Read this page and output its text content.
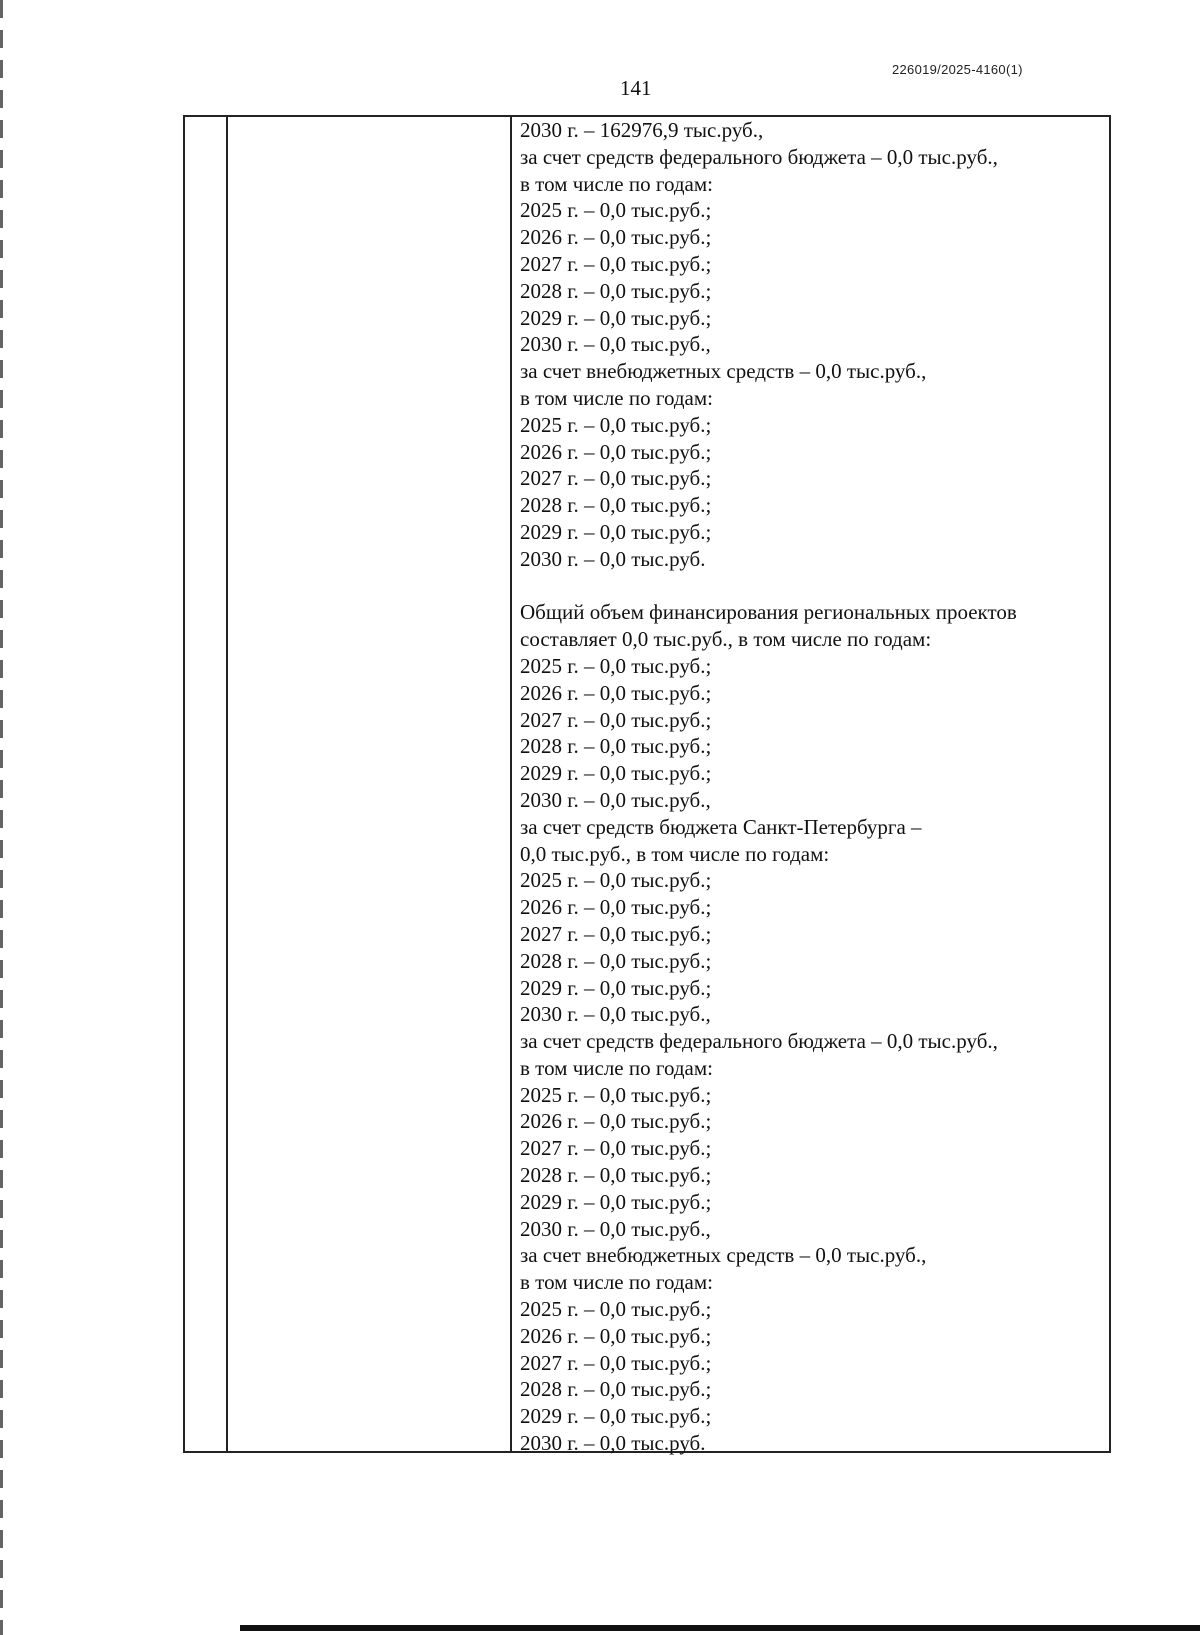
226019/2025-4160(1)
141
2030 г. – 162976,9 тыс.руб.,
за счет средств федерального бюджета – 0,0 тыс.руб.,
в том числе по годам:
2025 г. – 0,0 тыс.руб.;
2026 г. – 0,0 тыс.руб.;
2027 г. – 0,0 тыс.руб.;
2028 г. – 0,0 тыс.руб.;
2029 г. – 0,0 тыс.руб.;
2030 г. – 0,0 тыс.руб.,
за счет внебюджетных средств – 0,0 тыс.руб.,
в том числе по годам:
2025 г. – 0,0 тыс.руб.;
2026 г. – 0,0 тыс.руб.;
2027 г. – 0,0 тыс.руб.;
2028 г. – 0,0 тыс.руб.;
2029 г. – 0,0 тыс.руб.;
2030 г. – 0,0 тыс.руб.
Общий объем финансирования региональных проектов
составляет 0,0 тыс.руб., в том числе по годам:
2025 г. – 0,0 тыс.руб.;
2026 г. – 0,0 тыс.руб.;
2027 г. – 0,0 тыс.руб.;
2028 г. – 0,0 тыс.руб.;
2029 г. – 0,0 тыс.руб.;
2030 г. – 0,0 тыс.руб.,
за счет средств бюджета Санкт-Петербурга –
0,0 тыс.руб., в том числе по годам:
2025 г. – 0,0 тыс.руб.;
2026 г. – 0,0 тыс.руб.;
2027 г. – 0,0 тыс.руб.;
2028 г. – 0,0 тыс.руб.;
2029 г. – 0,0 тыс.руб.;
2030 г. – 0,0 тыс.руб.,
за счет средств федерального бюджета – 0,0 тыс.руб.,
в том числе по годам:
2025 г. – 0,0 тыс.руб.;
2026 г. – 0,0 тыс.руб.;
2027 г. – 0,0 тыс.руб.;
2028 г. – 0,0 тыс.руб.;
2029 г. – 0,0 тыс.руб.;
2030 г. – 0,0 тыс.руб.,
за счет внебюджетных средств – 0,0 тыс.руб.,
в том числе по годам:
2025 г. – 0,0 тыс.руб.;
2026 г. – 0,0 тыс.руб.;
2027 г. – 0,0 тыс.руб.;
2028 г. – 0,0 тыс.руб.;
2029 г. – 0,0 тыс.руб.;
2030 г. – 0,0 тыс.руб.
